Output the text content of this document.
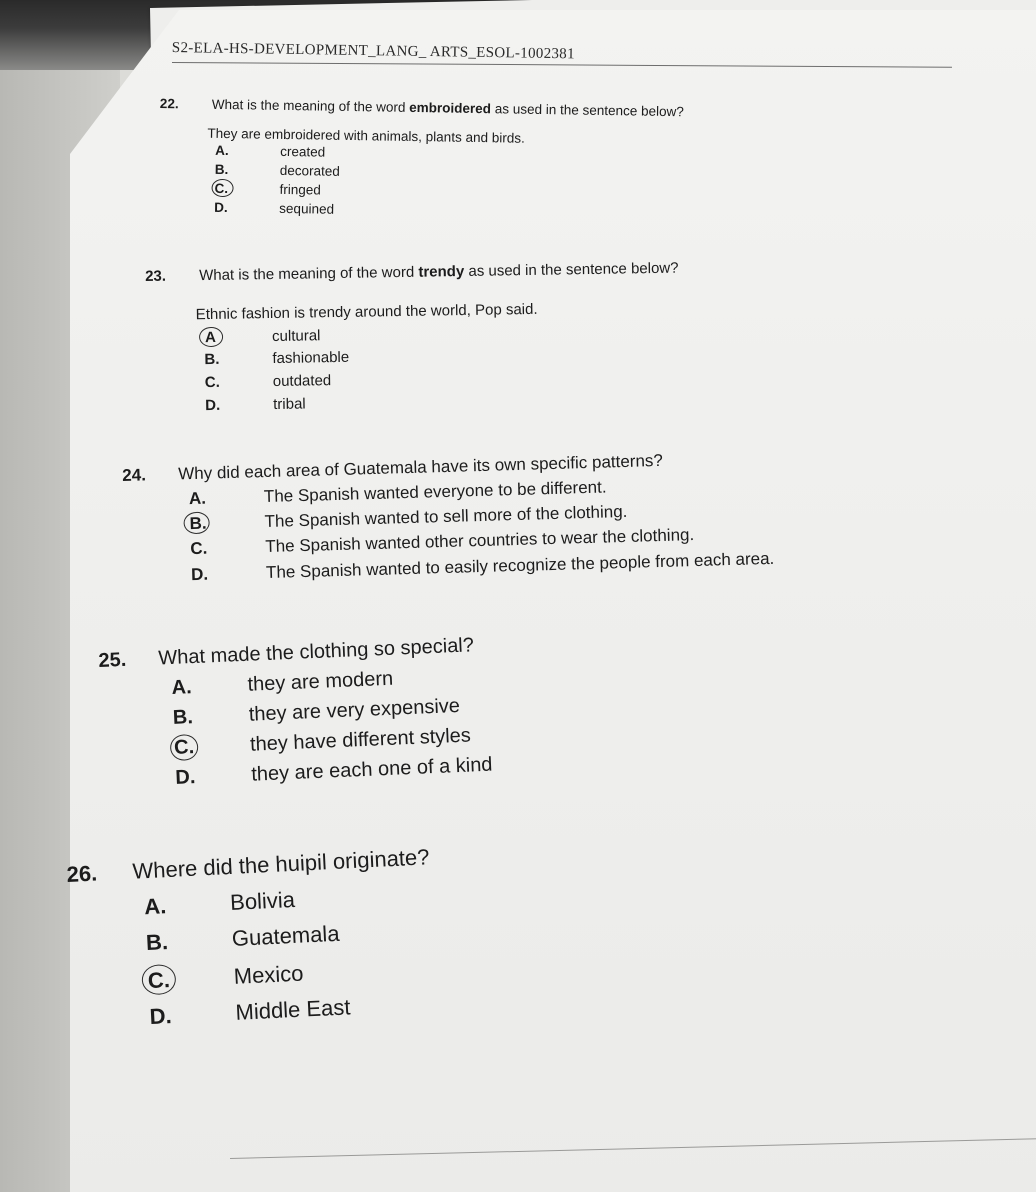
S2-ELA-HS-DEVELOPMENT_LANG_ ARTS_ESOL-1002381
22. What is the meaning of the word embroidered as used in the sentence below?
They are embroidered with animals, plants and birds.
A.	created
B.	decorated
C.	fringed
D.	sequined
23. What is the meaning of the word trendy as used in the sentence below?
Ethnic fashion is trendy around the world, Pop said.
A	cultural
B.	fashionable
C.	outdated
D.	tribal
24. Why did each area of Guatemala have its own specific patterns?
A.	The Spanish wanted everyone to be different.
B.	The Spanish wanted to sell more of the clothing.
C.	The Spanish wanted other countries to wear the clothing.
D.	The Spanish wanted to easily recognize the people from each area.
25. What made the clothing so special?
A.	they are modern
B.	they are very expensive
C.	they have different styles
D.	they are each one of a kind
26. Where did the huipil originate?
A.	Bolivia
B.	Guatemala
C.	Mexico
D.	Middle East
